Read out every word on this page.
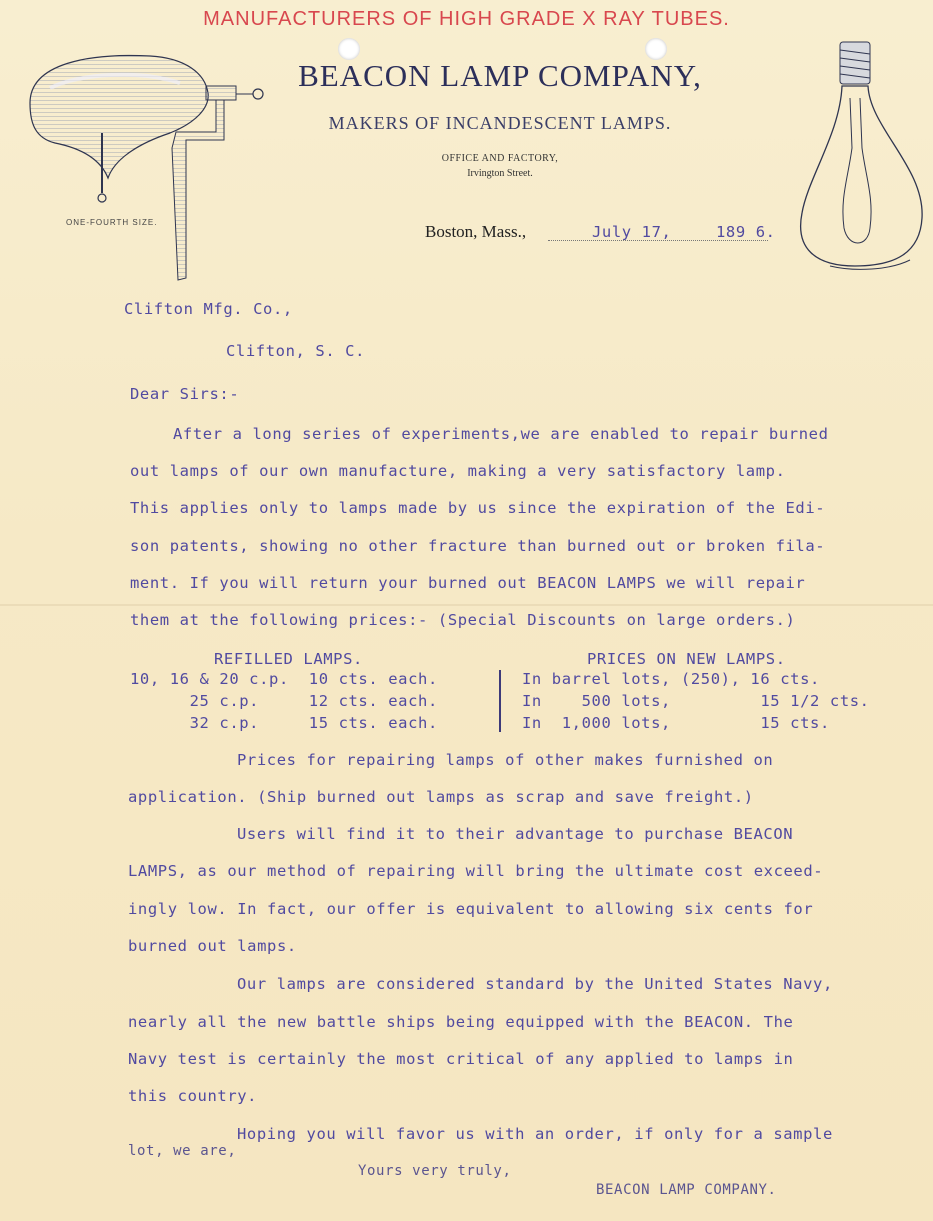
MANUFACTURERS OF HIGH GRADE X RAY TUBES.
BEACON LAMP COMPANY,
MAKERS OF INCANDESCENT LAMPS.
OFFICE AND FACTORY,
Irvington Street.
ONE-FOURTH SIZE.	Boston, Mass.,	July 17,	189 6.
Clifton Mfg. Co.,
Clifton, S. C.
Dear Sirs:-
After a long series of experiments,we are enabled to repair burned
out lamps of our own manufacture, making a very satisfactory lamp.
This applies only to lamps made by us since the expiration of the Edi-
son patents, showing no other fracture than burned out or broken fila-
ment. If you will return your burned out BEACON LAMPS we will repair
them at the following prices:- (Special Discounts on large orders.)
REFILLED LAMPS.	PRICES ON NEW LAMPS.
10, 16 & 20 c.p.  10 cts. each.
25 c.p.     12 cts. each.
32 c.p.     15 cts. each.
In barrel lots, (250), 16 cts.
In    500 lots,         15 1/2 cts.
In  1,000 lots,         15 cts.
Prices for repairing lamps of other makes furnished on
application. (Ship burned out lamps as scrap and save freight.)
Users will find it to their advantage to purchase BEACON
LAMPS, as our method of repairing will bring the ultimate cost exceed-
ingly low. In fact, our offer is equivalent to allowing six cents for
burned out lamps.
Our lamps are considered standard by the United States Navy,
nearly all the new battle ships being equipped with the BEACON. The
Navy test is certainly the most critical of any applied to lamps in
this country.
Hoping you will favor us with an order, if only for a sample
lot, we are,
Yours very truly,
BEACON LAMP COMPANY.
